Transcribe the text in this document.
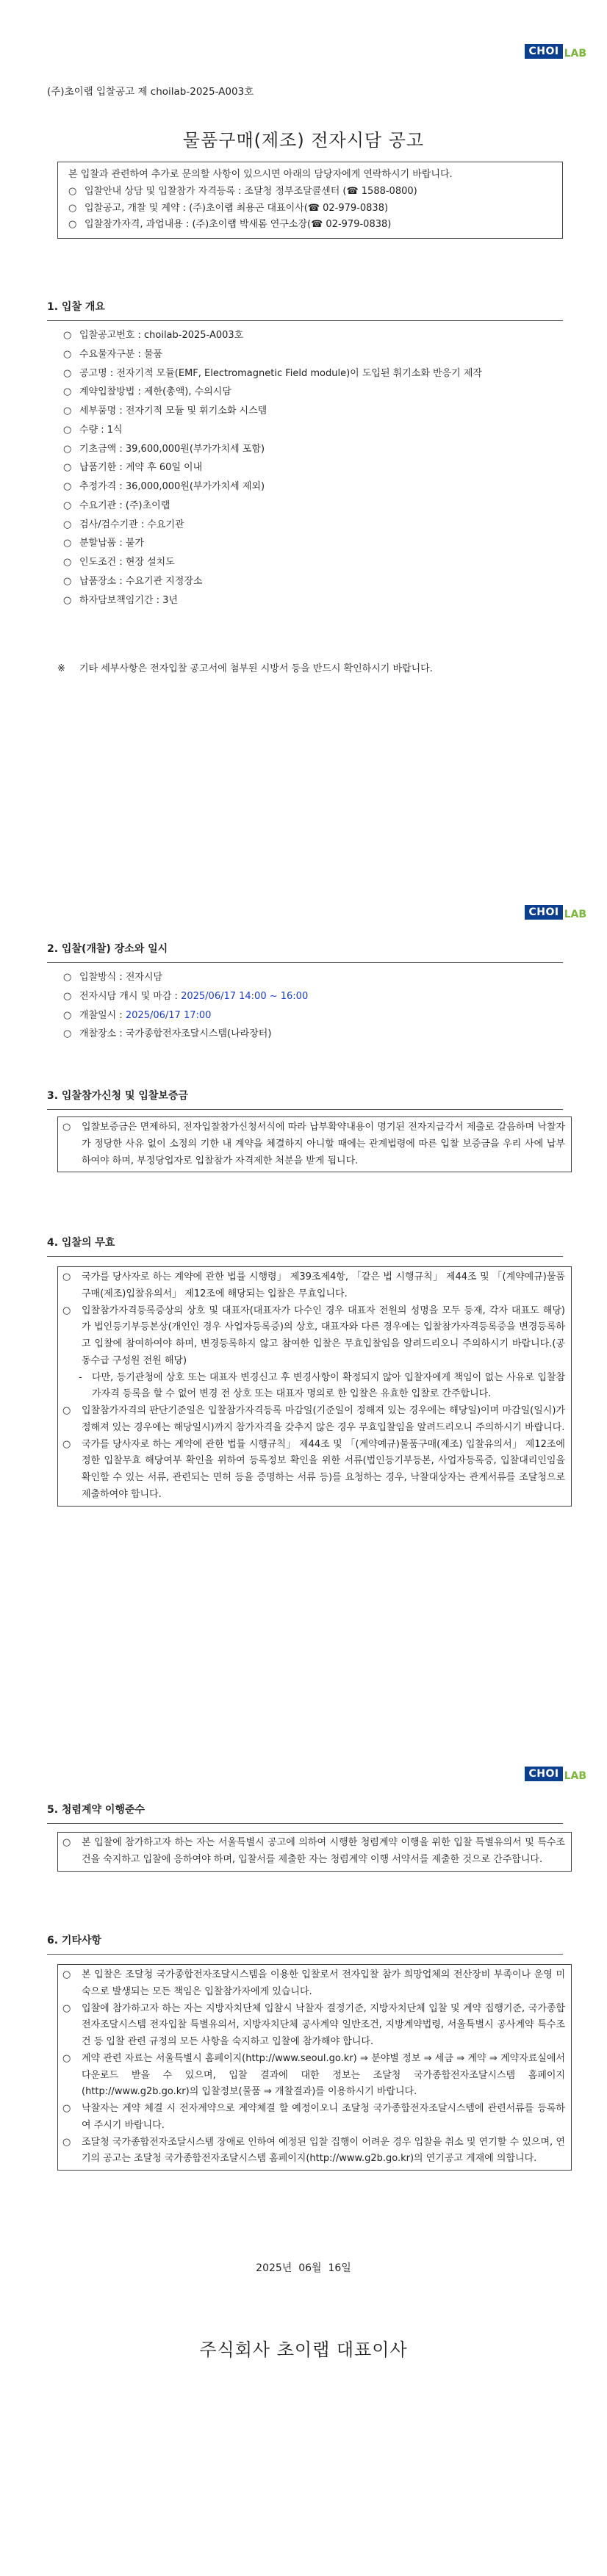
CHOI LAB
CHOI LAB
CHOI LAB
(주)초이랩 입찰공고 제 choilab-2025-A003호
물품구매(제조) 전자시담 공고
본 입찰과 관련하여 추가로 문의할 사항이 있으시면 아래의 담당자에게 연락하시기 바랍니다.
○ 입찰안내 상담 및 입찰참가 자격등록 : 조달청 정부조달콜센터 (☎ 1588-0800)
○ 입찰공고, 개찰 및 계약 : (주)초이랩 최용곤 대표이사(☎ 02-979-0838)
○ 입찰참가자격, 과업내용 : (주)초이랩 박새롬 연구소장(☎ 02-979-0838)
1. 입찰 개요
○ 입찰공고번호 : choilab-2025-A003호
○ 수요물자구분 : 물품
○ 공고명 : 전자기적 모듈(EMF, Electromagnetic Field module)이 도입된 휘기소화 반응기 제작
○ 계약입찰방법 : 제한(총액), 수의시담
○ 세부품명 : 전자기적 모듈 및 휘기소화 시스템
○ 수량 : 1식
○ 기초금액 : 39,600,000원(부가가치세 포함)
○ 납품기한 : 계약 후 60일 이내
○ 추정가격 : 36,000,000원(부가가치세 제외)
○ 수요기관 : (주)초이랩
○ 검사/검수기관 : 수요기관
○ 분할납품 : 불가
○ 인도조건 : 현장 설치도
○ 납품장소 : 수요기관 지정장소
○ 하자담보책임기간 : 3년
※	기타 세부사항은 전자입찰 공고서에 첨부된 시방서 등을 반드시 확인하시기 바랍니다.
2. 입찰(개찰) 장소와 일시
○ 입찰방식 : 전자시담
○ 전자시담 개시 및 마감 : 2025/06/17 14:00 ~ 16:00
○ 개찰일시 : 2025/06/17 17:00
○ 개찰장소 : 국가종합전자조달시스템(나라장터)
3. 입찰참가신청 및 입찰보증금
○	입찰보증금은 면제하되, 전자입찰참가신청서식에 따라 납부확약내용이 명기된 전자지급각서 제출로 갈음하며 낙찰자가 정당한 사유 없이 소정의 기한 내 계약을 체결하지 아니할 때에는 관계법령에 따른 입찰 보증금을 우리 사에 납부하여야 하며, 부정당업자로 입찰참가 자격제한 처분을 받게 됩니다.
4. 입찰의 무효
○	국가를 당사자로 하는 계약에 관한 법률 시행령」 제39조제4항, 「같은 법 시행규칙」 제44조 및 「(계약예규)물품구매(제조)입찰유의서」 제12조에 해당되는 입찰은 무효입니다.
○	입찰참가자격등록증상의 상호 및 대표자(대표자가 다수인 경우 대표자 전원의 성명을 모두 등재, 각자 대표도 해당)가 법인등기부등본상(개인인 경우 사업자등록증)의 상호, 대표자와 다른 경우에는 입찰참가자격등록증을 변경등록하고 입찰에 참여하여야 하며, 변경등록하지 않고 참여한 입찰은 무효입찰임을 알려드리오니 주의하시기 바랍니다.(공동수급 구성원 전원 해당)
-	다만, 등기관청에 상호 또는 대표자 변경신고 후 변경사항이 확정되지 않아 입찰자에게 책임이 없는 사유로 입찰참가자격 등록을 할 수 없어 변경 전 상호 또는 대표자 명의로 한 입찰은 유효한 입찰로 간주합니다.
○	입찰참가자격의 판단기준일은 입찰참가자격등록 마감일(기준일이 정해져 있는 경우에는 해당일)이며 마감일(일시)가 정해져 있는 경우에는 해당일시)까지 참가자격을 갖추지 않은 경우 무효입찰임을 알려드리오니 주의하시기 바랍니다.
○	국가를 당사자로 하는 계약에 관한 법률 시행규칙」 제44조 및 「(계약예규)물품구매(제조) 입찰유의서」 제12조에 정한 입찰무효 해당여부 확인을 위하여 등록정보 확인을 위한 서류(법인등기부등본, 사업자등록증, 입찰대리인임을 확인할 수 있는 서류, 관련되는 면허 등을 증명하는 서류 등)를 요청하는 경우, 낙찰대상자는 관계서류를 조달청으로 제출하여야 합니다.
5. 청렴계약 이행준수
○	본 입찰에 참가하고자 하는 자는 서울특별시 공고에 의하여 시행한 청렴계약 이행을 위한 입찰 특별유의서 및 특수조건을 숙지하고 입찰에 응하여야 하며, 입찰서를 제출한 자는 청렴계약 이행 서약서를 제출한 것으로 간주합니다.
6. 기타사항
○	본 입찰은 조달청 국가종합전자조달시스템을 이용한 입찰로서 전자입찰 참가 희망업체의 전산장비 부족이나 운영 미숙으로 발생되는 모든 책임은 입찰참가자에게 있습니다.
○	입찰에 참가하고자 하는 자는 지방자치단체 입찰시 낙찰자 결정기준, 지방자치단체 입찰 및 계약 집행기준, 국가종합 전자조달시스템 전자입찰 특별유의서, 지방자치단체 공사계약 일반조건, 지방계약법령, 서울특별시 공사계약 특수조건 등 입찰 관련 규정의 모든 사항을 숙지하고 입찰에 참가해야 합니다.
○	계약 관련 자료는 서울특별시 홈페이지(http://www.seoul.go.kr) ⇒ 분야별 정보 ⇒ 세금 ⇒ 계약 ⇒ 계약자료실에서 다운로드 받을 수 있으며, 입찰 결과에 대한 정보는 조달청 국가종합전자조달시스템 홈페이지(http://www.g2b.go.kr)의 입찰정보(물품 ⇒ 개찰결과)를 이용하시기 바랍니다.
○	낙찰자는 계약 체결 시 전자계약으로 계약체결 할 예정이오니 조달청 국가종합전자조달시스템에 관련서류를 등록하여 주시기 바랍니다.
○	조달청 국가종합전자조달시스템 장애로 인하여 예정된 입찰 집행이 어려운 경우 입찰을 취소 및 연기할 수 있으며, 연기의 공고는 조달청 국가종합전자조달시스템 홈페이지(http://www.g2b.go.kr)의 연기공고 게재에 의합니다.
2025년  06월  16일
주식회사 초이랩 대표이사
